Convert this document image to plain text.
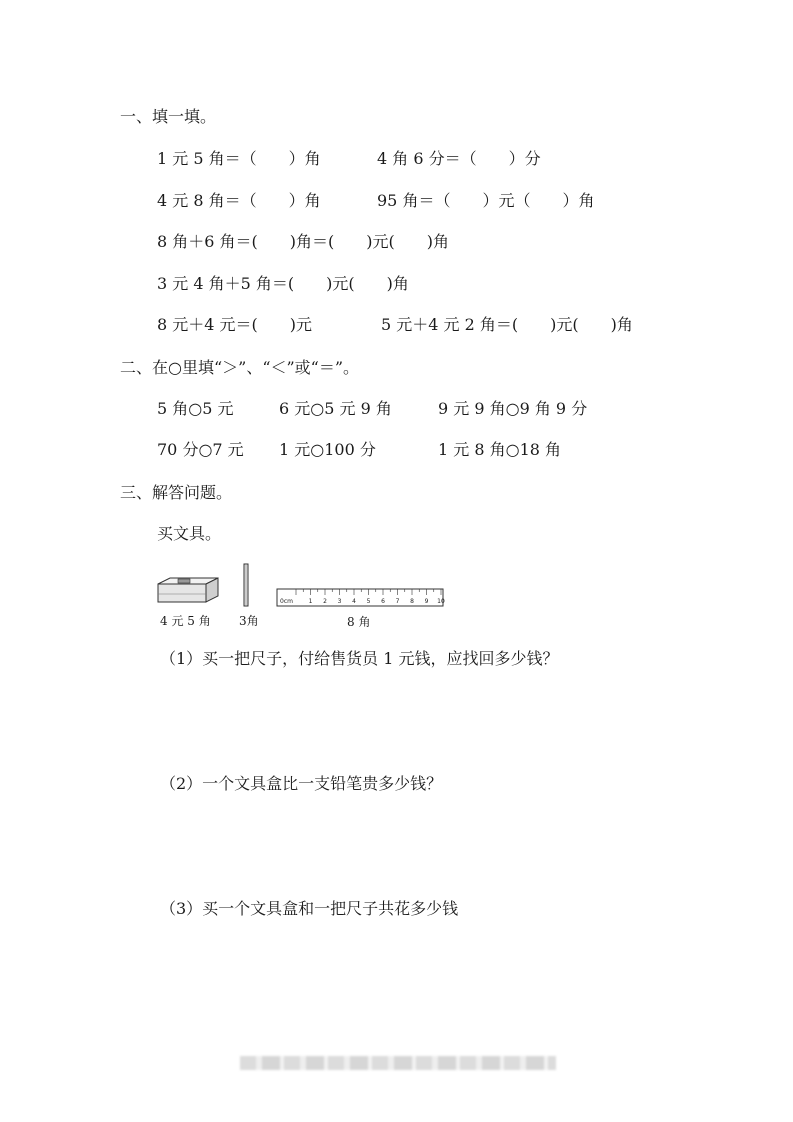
一、填一填。
1 元 5 角＝（　　）角	4 角 6 分＝（　　）分
4 元 8 角＝（　　）角	95 角＝（　　）元（　　）角
8 角＋6 角＝(　　)角＝(　　)元(　　)角
3 元 4 角＋5 角＝(　　)元(　　)角
8 元＋4 元＝(　　)元	5 元＋4 元 2 角＝(　　)元(　　)角
二、在○里填“＞”、“＜”或“＝”。
5 角○5 元	6 元○5 元 9 角	9 元 9 角○9 角 9 分
70 分○7 元 1 元○100 分	1 元 8 角○18 角
三、解答问题。
买文具。
4 元 5 角 3角
0cm	1 2 3 4 5 6 7 8 9 10
8 角
（1）买一把尺子，付给售货员 1 元钱，应找回多少钱？
（2）一个文具盒比一支铅笔贵多少钱？
（3）买一个文具盒和一把尺子共花多少钱
